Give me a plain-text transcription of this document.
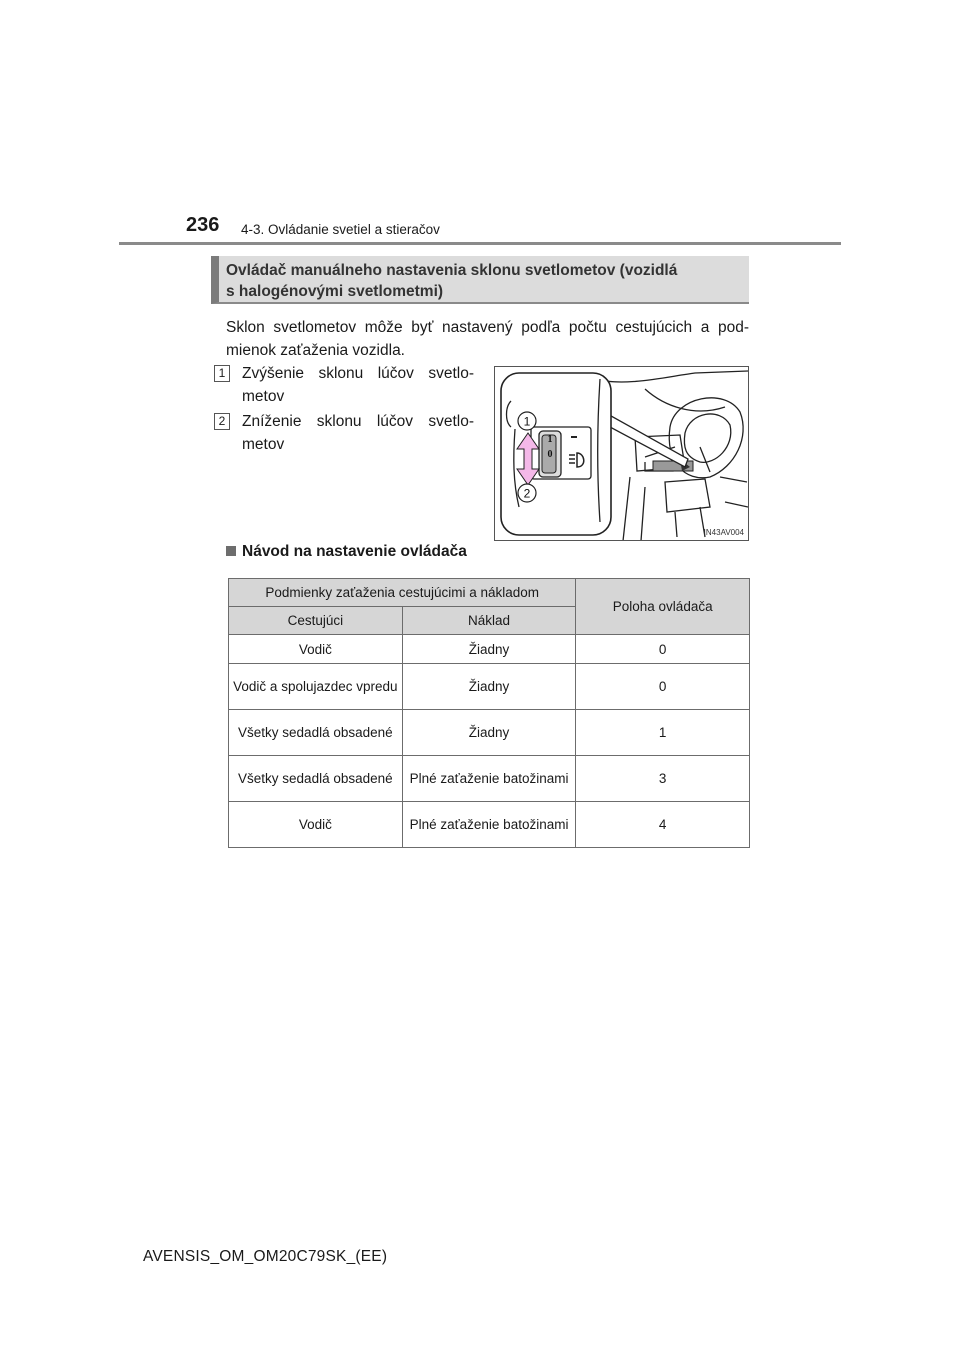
236 4-3. Ovládanie svetiel a stieračov
Ovládač manuálneho nastavenia sklonu svetlometov (vozidlá
s halogénovými svetlometmi)
Sklon svetlometov môže byť nastavený podľa počtu cestujúcich a pod- mienok zaťaženia vozidla.
1	Zvýšenie sklonu lúčov svetlo- metov
2	Zníženie sklonu lúčov svetlo- metov	1
0
1
2
IN43AV004
Návod na nastavenie ovládača
Podmienky zaťaženia cestujúcimi a nákladom		Poloha ovládača
Cestujúci	Náklad	
Vodič	Žiadny	0
Vodič a spolujazdec vpredu	Žiadny	0
Všetky sedadlá obsadené	Žiadny	1
Všetky sedadlá obsadené	Plné zaťaženie batožinami	3
Vodič	Plné zaťaženie batožinami	4
AVENSIS_OM_OM20C79SK_(EE)
